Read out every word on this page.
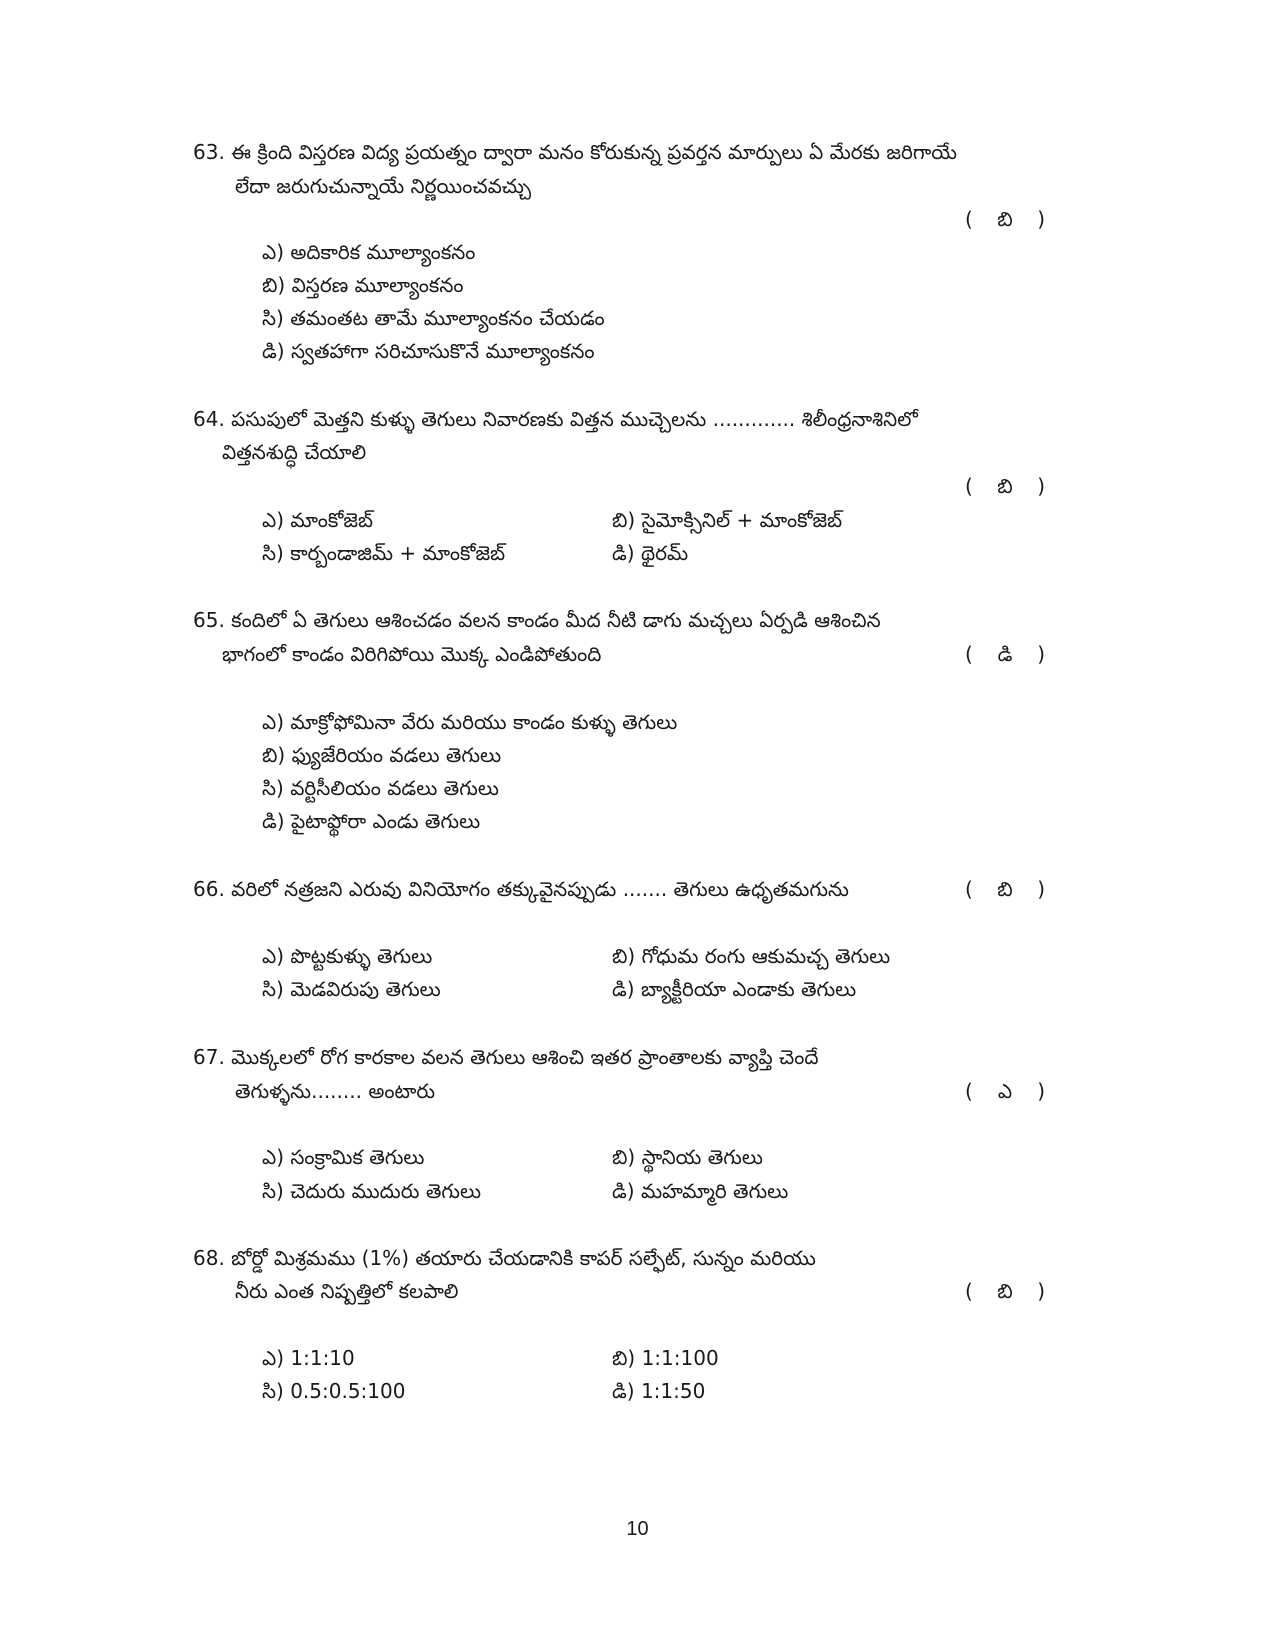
63. ఈ క్రింది విస్తరణ విద్య ప్రయత్నం ద్వారా మనం కోరుకున్న ప్రవర్తన మార్పులు ఏ మేరకు జరిగాయే
లేదా జరుగుచున్నాయే నిర్ణయించవచ్చు
(	బి	)
ఎ) అదికారిక మూల్యాంకనం
బి) విస్తరణ మూల్యాంకనం
సి) తమంతట తామే మూల్యాంకనం చేయడం
డి) స్వతహాగా సరిచూసుకొనే మూల్యాంకనం
64. పసుపులో మెత్తని కుళ్ళు తెగులు నివారణకు విత్తన ముచ్చెలను ............. శిలీంధ్రనాశినిలో
విత్తనశుద్ధి చేయాలి
(	బి	)
ఎ) మాంకోజెబ్	బి) సైమోక్సినిల్ + మాంకోజెబ్
సి) కార్బండాజిమ్ + మాంకోజెబ్	డి) థైరమ్
65. కందిలో ఏ తెగులు ఆశించడం వలన కాండం మీద నీటి డాగు మచ్చలు ఏర్పడి ఆశించిన
భాగంలో కాండం విరిగిపోయి మొక్క ఎండిపోతుంది	(	డి	)
ఎ) మాక్రోఫోమినా వేరు మరియు కాండం కుళ్ళు తెగులు
బి) ఫ్యుజేరియం వడలు తెగులు
సి) వర్టిసీలియం వడలు తెగులు
డి) పైటాఫ్థోరా ఎండు తెగులు
66. వరిలో నత్రజని ఎరువు వినియోగం తక్కువైనప్పుడు ....... తెగులు ఉధృతమగును	(	బి	)
ఎ) పొట్టకుళ్ళు తెగులు	బి) గోధుమ రంగు ఆకుమచ్చ తెగులు
సి) మెడవిరుపు తెగులు	డి) బ్యాక్టీరియా ఎండాకు తెగులు
67. మొక్కలలో రోగ కారకాల వలన తెగులు ఆశించి ఇతర ప్రాంతాలకు వ్యాప్తి చెందే
తెగుళ్ళను........ అంటారు	(	ఎ	)
ఎ) సంక్రామిక తెగులు	బి) స్థానియ తెగులు
సి) చెదురు ముదురు తెగులు	డి) మహమ్మారి తెగులు
68. బోర్డో మిశ్రమము (1%) తయారు చేయడానికి కాపర్ సల్ఫేట్, సున్నం మరియు
నీరు ఎంత నిష్పత్తిలో కలపాలి	(	బి	)
ఎ) 1:1:10	బి) 1:1:100
సి) 0.5:0.5:100	డి) 1:1:50
10
